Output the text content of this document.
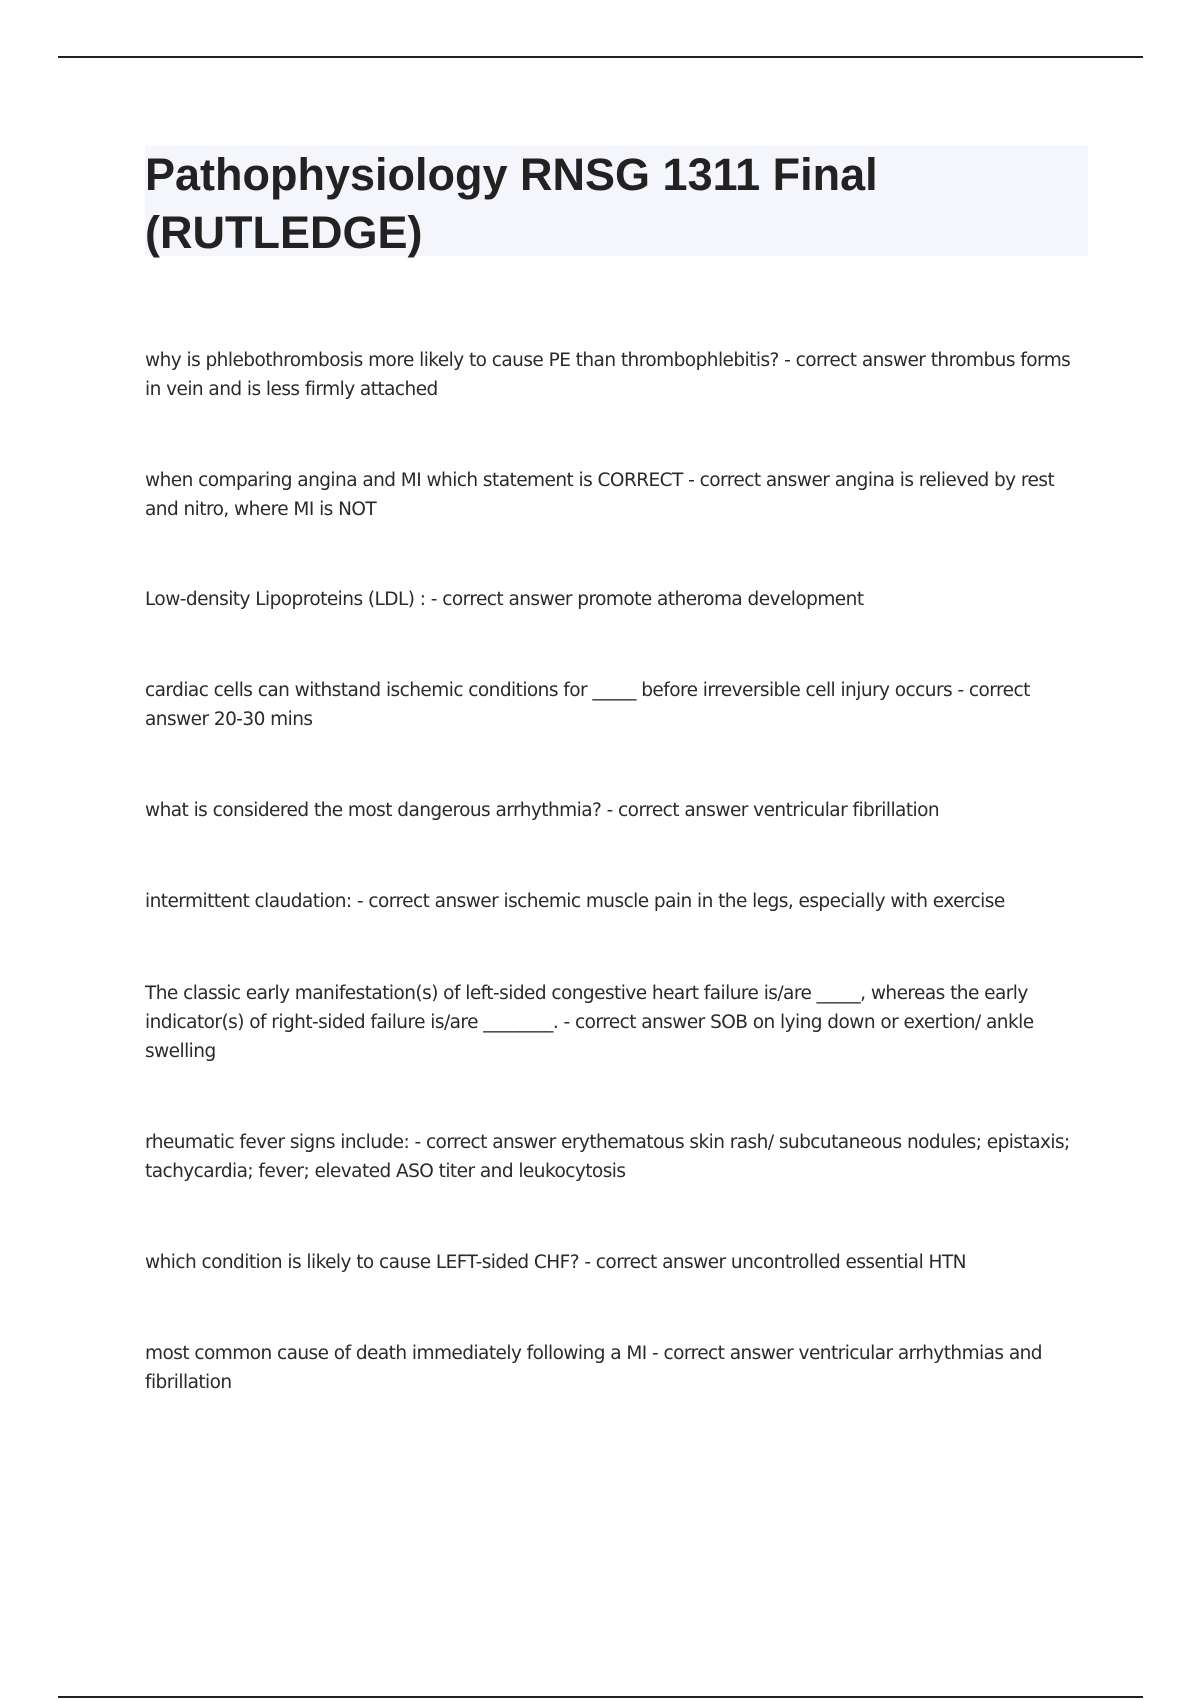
Pathophysiology RNSG 1311 Final (RUTLEDGE)
why is phlebothrombosis more likely to cause PE than thrombophlebitis? - correct answer thrombus forms in vein and is less firmly attached
when comparing angina and MI which statement is CORRECT - correct answer angina is relieved by rest and nitro, where MI is NOT
Low-density Lipoproteins (LDL) : - correct answer promote atheroma development
cardiac cells can withstand ischemic conditions for _____ before irreversible cell injury occurs - correct answer 20-30 mins
what is considered the most dangerous arrhythmia? - correct answer ventricular fibrillation
intermittent claudation: - correct answer ischemic muscle pain in the legs, especially with exercise
The classic early manifestation(s) of left-sided congestive heart failure is/are _____, whereas the early indicator(s) of right-sided failure is/are ________. - correct answer SOB on lying down or exertion/ ankle swelling
rheumatic fever signs include: - correct answer erythematous skin rash/ subcutaneous nodules; epistaxis; tachycardia; fever; elevated ASO titer and leukocytosis
which condition is likely to cause LEFT-sided CHF? - correct answer uncontrolled essential HTN
most common cause of death immediately following a MI - correct answer ventricular arrhythmias and fibrillation
